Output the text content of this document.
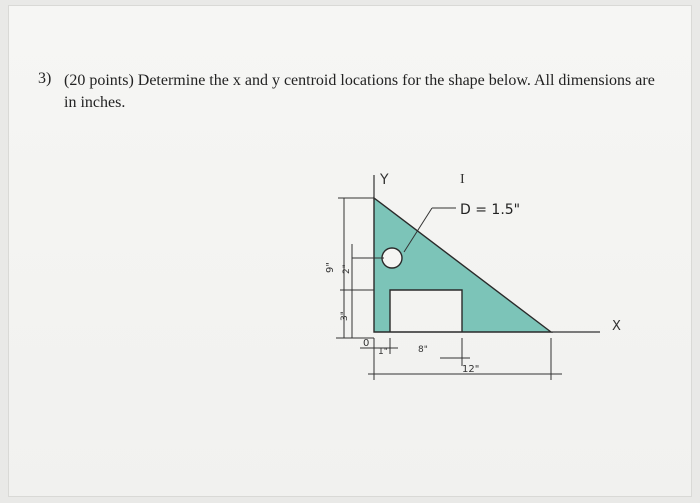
3) (20 points) Determine the x and y centroid locations for the shape below. All dimensions are in inches.
Y
X
I
D = 1.5"
9" 2"
3"
0
1"	8"
12"
